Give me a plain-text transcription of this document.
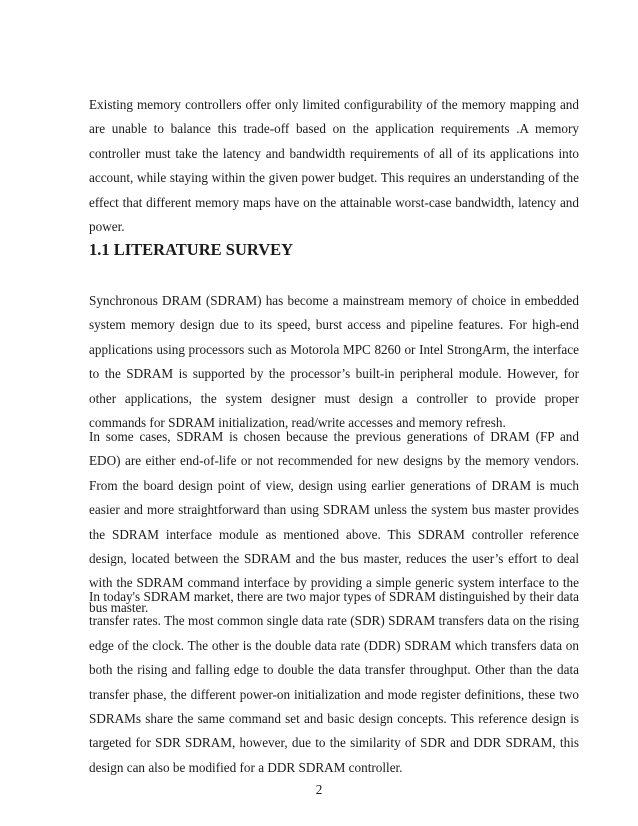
Existing memory controllers offer only limited configurability of the memory mapping and are unable to balance this trade-off based on the application requirements .A memory controller must take the latency and bandwidth requirements of all of its applications into account, while staying within the given power budget. This requires an understanding of the effect that different memory maps have on the attainable worst-case bandwidth, latency and power.

1.1 LITERATURE SURVEY

Synchronous DRAM (SDRAM) has become a mainstream memory of choice in embedded system memory design due to its speed, burst access and pipeline features. For high-end applications using processors such as Motorola MPC 8260 or Intel StrongArm, the interface to the SDRAM is supported by the processor’s built-in peripheral module. However, for other applications, the system designer must design a controller to provide proper commands for SDRAM initialization, read/write accesses and memory refresh.

In some cases, SDRAM is chosen because the previous generations of DRAM (FP and EDO) are either end-of-life or not recommended for new designs by the memory vendors. From the board design point of view, design using earlier generations of DRAM is much easier and more straightforward than using SDRAM unless the system bus master provides the SDRAM interface module as mentioned above. This SDRAM controller reference design, located between the SDRAM and the bus master, reduces the user’s effort to deal with the SDRAM command interface by providing a simple generic system interface to the bus master.

In today's SDRAM market, there are two major types of SDRAM distinguished by their data transfer rates. The most common single data rate (SDR) SDRAM transfers data on the rising edge of the clock. The other is the double data rate (DDR) SDRAM which transfers data on both the rising and falling edge to double the data transfer throughput. Other than the data transfer phase, the different power-on initialization and mode register definitions, these two SDRAMs share the same command set and basic design concepts. This reference design is targeted for SDR SDRAM, however, due to the similarity of SDR and DDR SDRAM, this design can also be modified for a DDR SDRAM controller.

2
